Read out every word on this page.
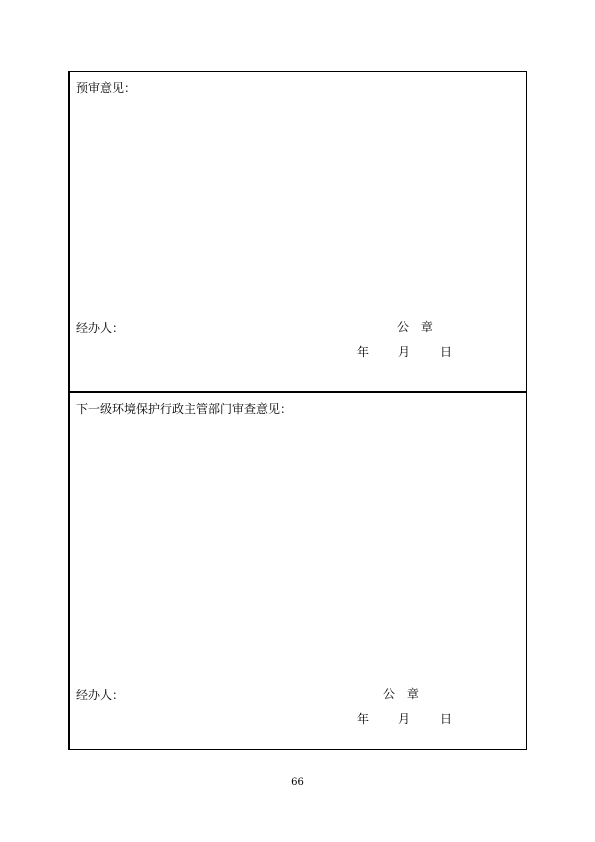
预审意见：
经办人：	公 章
年 月 日
下一级环境保护行政主管部门审查意见：
经办人：	公 章
年 月 日
66
